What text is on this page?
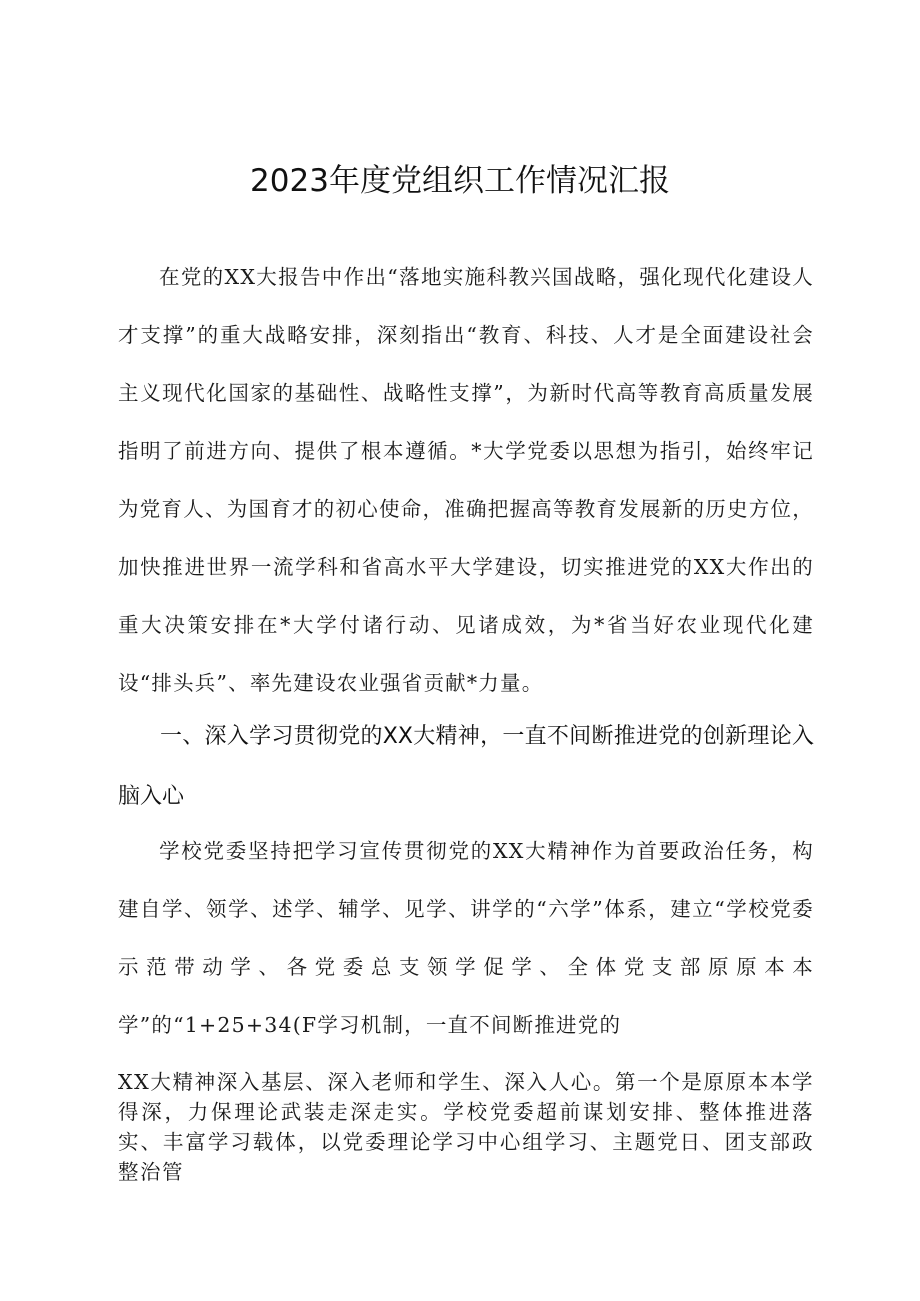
2023年度党组织工作情况汇报

在党的XX大报告中作出“落地实施科教兴国战略，强化现代化建设人才支撑”的重大战略安排，深刻指出“教育、科技、人才是全面建设社会主义现代化国家的基础性、战略性支撑”，为新时代高等教育高质量发展指明了前进方向、提供了根本遵循。*大学党委以思想为指引，始终牢记为党育人、为国育才的初心使命，准确把握高等教育发展新的历史方位，加快推进世界一流学科和省高水平大学建设，切实推进党的XX大作出的重大决策安排在*大学付诸行动、见诸成效，为*省当好农业现代化建设“排头兵”、率先建设农业强省贡献*力量。

一、深入学习贯彻党的XX大精神，一直不间断推进党的创新理论入脑入心

学校党委坚持把学习宣传贯彻党的XX大精神作为首要政治任务，构建自学、领学、述学、辅学、见学、讲学的“六学”体系，建立“学校党委示范带动学、各党委总支领学促学、全体党支部原原本本学”的“1+25+34(F学习机制，一直不间断推进党的

XX大精神深入基层、深入老师和学生、深入人心。第一个是原原本本学得深，力保理论武装走深走实。学校党委超前谋划安排、整体推进落实、丰富学习载体，以党委理论学习中心组学习、主题党日、团支部政整治管
